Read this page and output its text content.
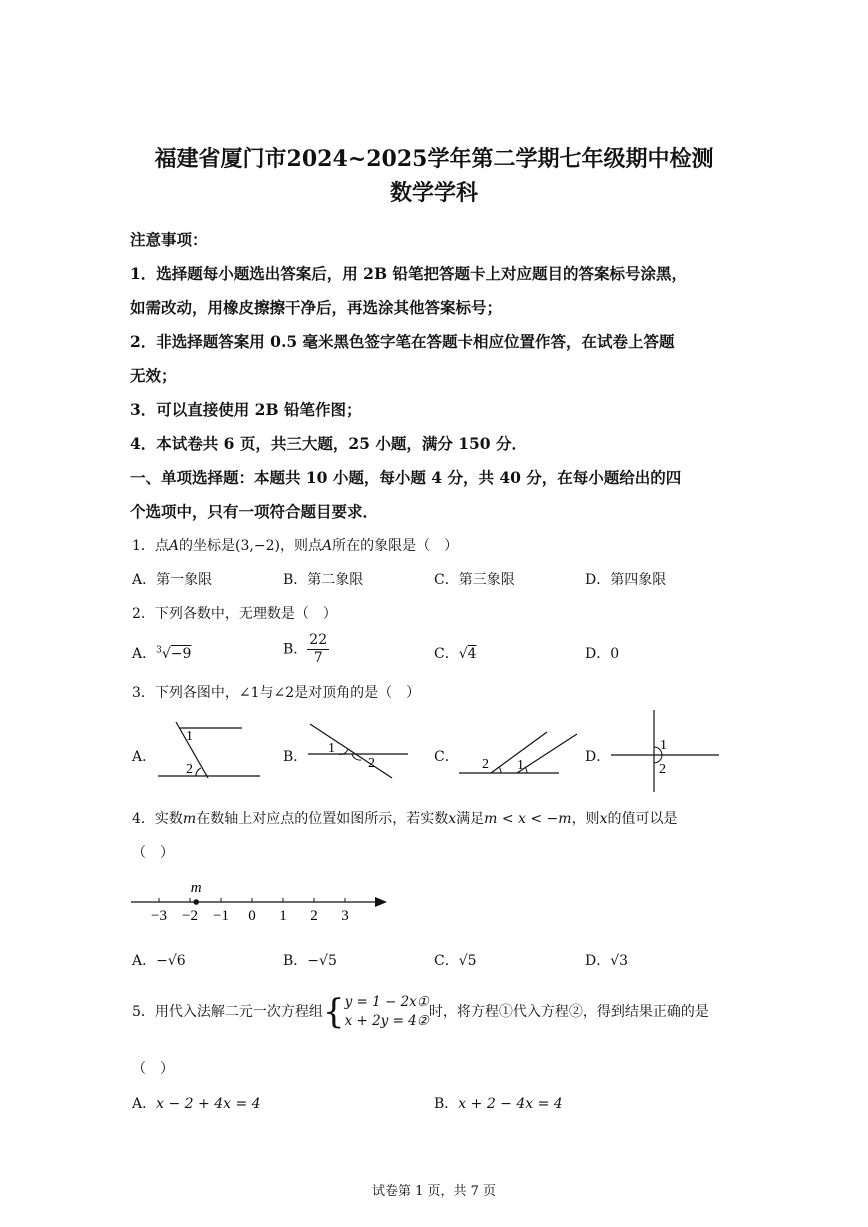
福建省厦门市2024~2025学年第二学期七年级期中检测
数学学科
注意事项：
1．选择题每小题选出答案后，用 2B 铅笔把答题卡上对应题目的答案标号涂黑，
如需改动，用橡皮擦擦干净后，再选涂其他答案标号；
2．非选择题答案用 0.5 毫米黑色签字笔在答题卡相应位置作答，在试卷上答题
无效；
3．可以直接使用 2B 铅笔作图；
4．本试卷共 6 页，共三大题，25 小题，满分 150 分．
一、单项选择题：本题共 10 小题，每小题 4 分，共 40 分，在每小题给出的四
个选项中，只有一项符合题目要求．
1．点A的坐标是(3,−2)，则点A所在的象限是（　）
A．第一象限	B．第二象限	C．第三象限	D．第四象限
2．下列各数中，无理数是（　）
A．$^3$√−9	B． $\frac{22}{7}$	C．√4	D．0
3．下列各图中，∠1与∠2是对顶角的是（　）
A．
1
2
B．
1
2	C． 2 1
D．
1
2
4．实数m在数轴上对应点的位置如图所示，若实数x满足m < x < −m，则x的值可以是
（　）
−3 −2 −1 0 1 2 3
m
A．−√6	B．−√5	C．√5	D．√3
5．用代入法解二元一次方程组{ y = 1 − 2x①
x + 2y = 4②
时，将方程①代入方程②，得到结果正确的是
（　）
A．x − 2 + 4x = 4	B．x + 2 − 4x = 4
试卷第 1 页，共 7 页
